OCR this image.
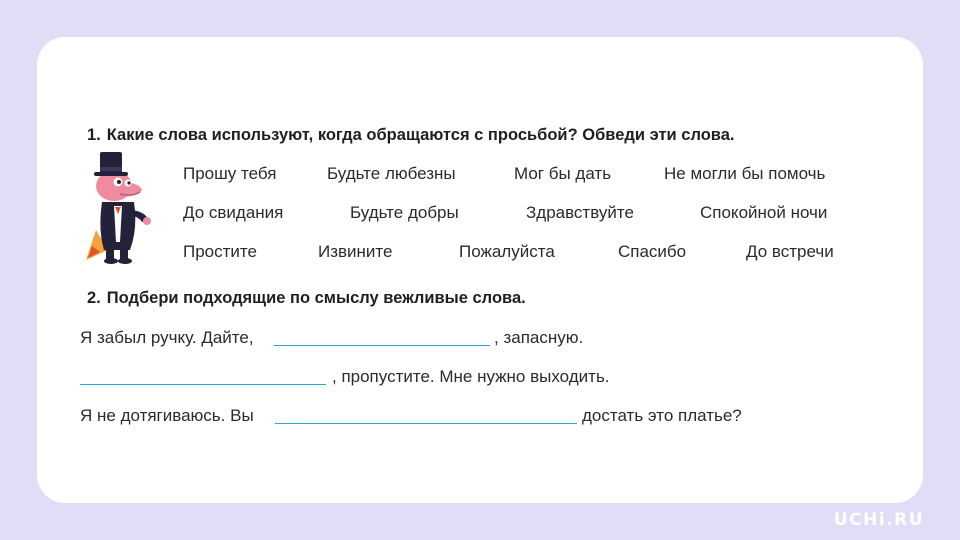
1. Какие слова используют, когда обращаются с просьбой? Обведи эти слова.
Прошу тебя	Будьте любезны	Мог бы дать	Не могли бы помочь
До свидания	Будьте добры	Здравствуйте	Спокойной ночи
Простите	Извините	Пожалуйста	Спасибо	До встречи
2. Подбери подходящие по смыслу вежливые слова.
Я забыл ручку. Дайте,	, запасную.
, пропустите. Мне нужно выходить.
Я не дотягиваюсь. Вы	достать это платье?
UCHi.RU
